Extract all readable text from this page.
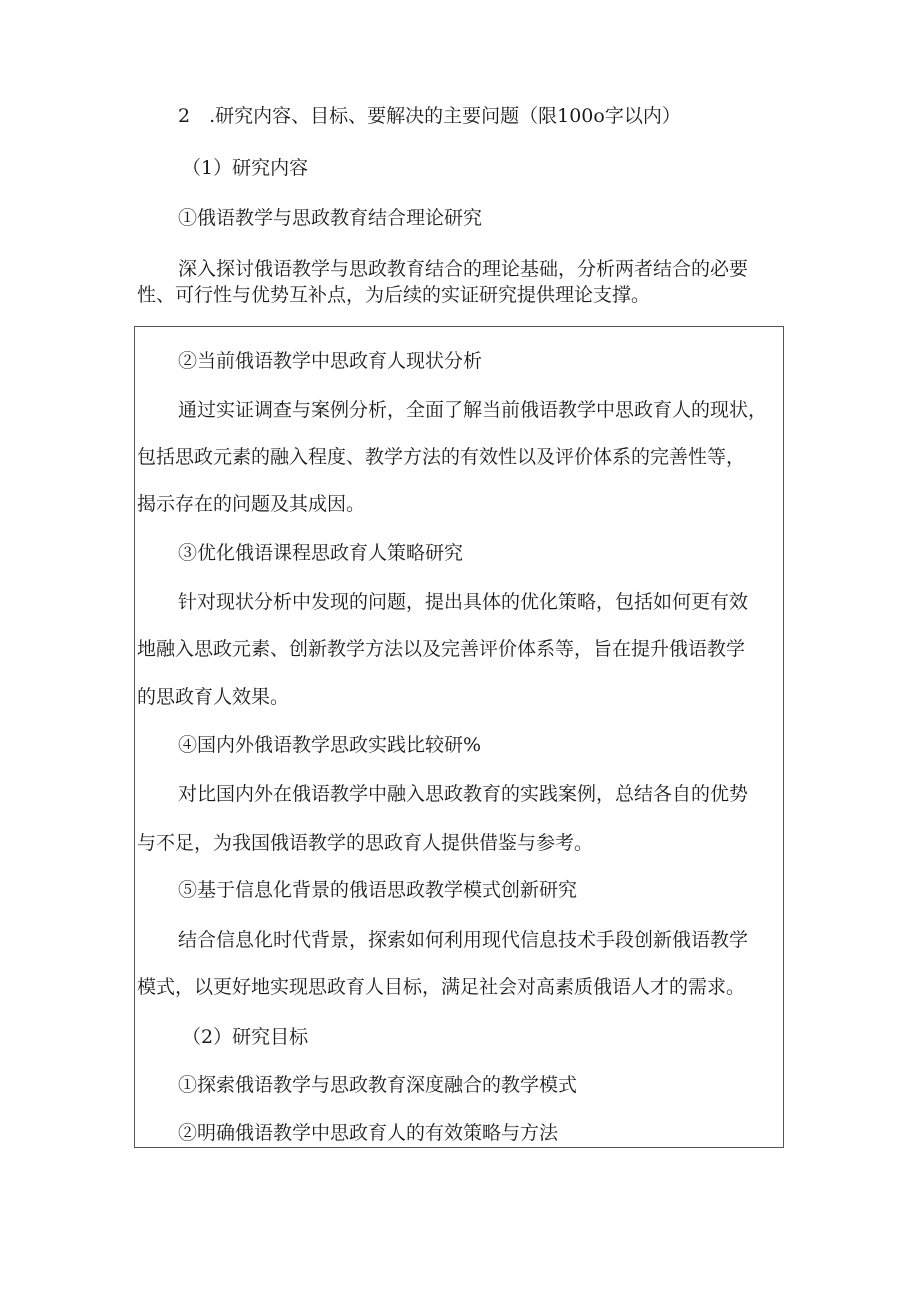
2　.研究内容、目标、要解决的主要问题（限100o字以内）
（1）研究内容
①俄语教学与思政教育结合理论研究
深入探讨俄语教学与思政教育结合的理论基础，分析两者结合的必要
性、可行性与优势互补点，为后续的实证研究提供理论支撑。
②当前俄语教学中思政育人现状分析
通过实证调查与案例分析，全面了解当前俄语教学中思政育人的现状，
包括思政元素的融入程度、教学方法的有效性以及评价体系的完善性等，
揭示存在的问题及其成因。
③优化俄语课程思政育人策略研究
针对现状分析中发现的问题，提出具体的优化策略，包括如何更有效
地融入思政元素、创新教学方法以及完善评价体系等，旨在提升俄语教学
的思政育人效果。
④国内外俄语教学思政实践比较研%
对比国内外在俄语教学中融入思政教育的实践案例，总结各自的优势
与不足，为我国俄语教学的思政育人提供借鉴与参考。
⑤基于信息化背景的俄语思政教学模式创新研究
结合信息化时代背景，探索如何利用现代信息技术手段创新俄语教学
模式，以更好地实现思政育人目标，满足社会对高素质俄语人才的需求。
（2）研究目标
①探索俄语教学与思政教育深度融合的教学模式
②明确俄语教学中思政育人的有效策略与方法
